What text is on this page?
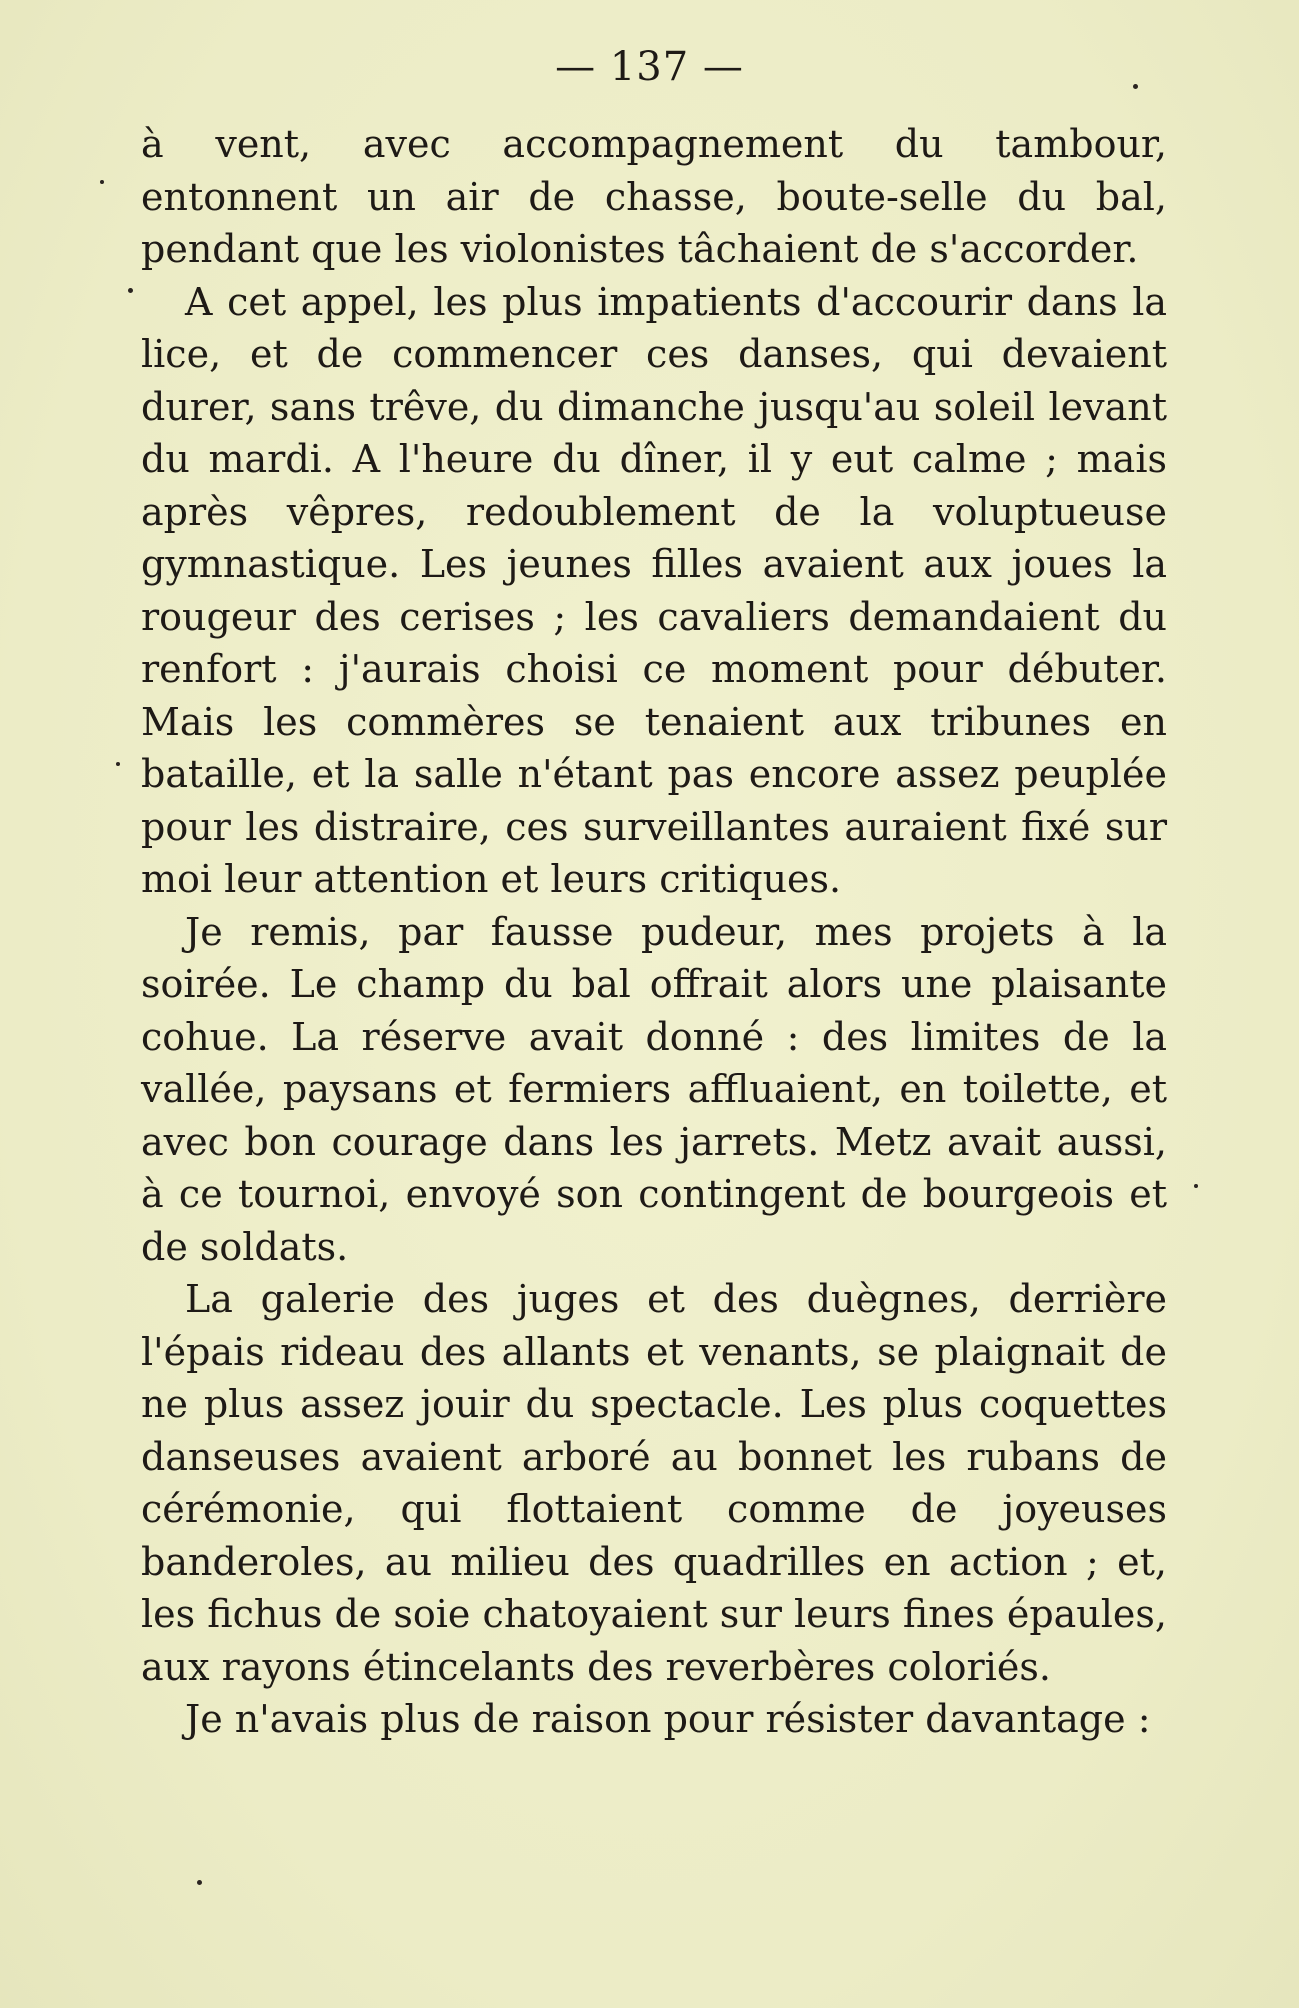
— 137 —

à vent, avec accompagnement du tambour, entonnent un air de chasse, boute-selle du bal, pendant que les violonistes tâchaient de s'accorder.

A cet appel, les plus impatients d'accourir dans la lice, et de commencer ces danses, qui devaient durer, sans trêve, du dimanche jusqu'au soleil levant du mardi. A l'heure du dîner, il y eut calme ; mais après vêpres, redoublement de la voluptueuse gymnastique. Les jeunes filles avaient aux joues la rougeur des cerises ; les cavaliers demandaient du renfort : j'aurais choisi ce moment pour débuter. Mais les commères se tenaient aux tribunes en bataille, et la salle n'étant pas encore assez peuplée pour les distraire, ces surveillantes auraient fixé sur moi leur attention et leurs critiques.

Je remis, par fausse pudeur, mes projets à la soirée. Le champ du bal offrait alors une plaisante cohue. La réserve avait donné : des limites de la vallée, paysans et fermiers affluaient, en toilette, et avec bon courage dans les jarrets. Metz avait aussi, à ce tournoi, envoyé son contingent de bourgeois et de soldats.

La galerie des juges et des duègnes, derrière l'épais rideau des allants et venants, se plaignait de ne plus assez jouir du spectacle. Les plus coquettes danseuses avaient arboré au bonnet les rubans de cérémonie, qui flottaient comme de joyeuses banderoles, au milieu des quadrilles en action ; et, les fichus de soie chatoyaient sur leurs fines épaules, aux rayons étincelants des reverbères coloriés.

Je n'avais plus de raison pour résister davantage :
